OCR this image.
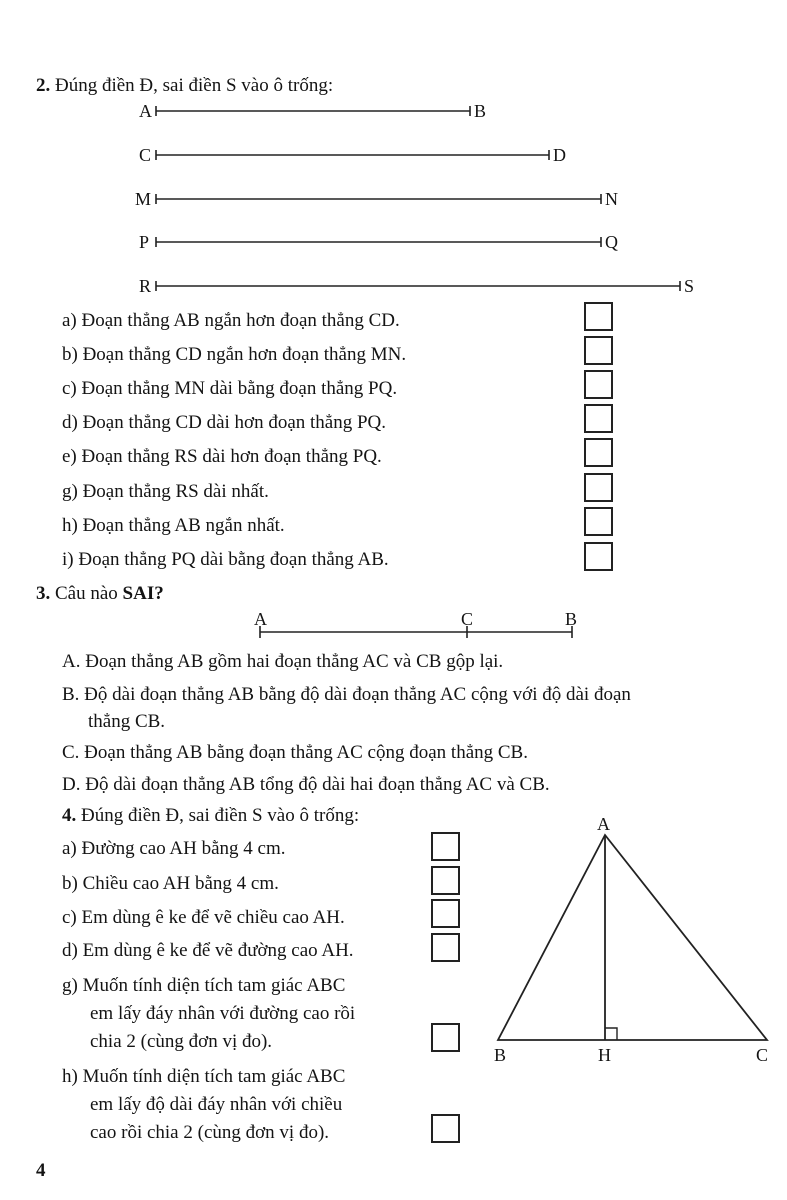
2. Đúng điền Đ, sai điền S vào ô trống:
A	B
C	D
M	N
P	Q
R	S
a) Đoạn thẳng AB ngắn hơn đoạn thẳng CD.
b) Đoạn thẳng CD ngắn hơn đoạn thẳng MN.
c) Đoạn thẳng MN dài bằng đoạn thẳng PQ.
d) Đoạn thẳng CD dài hơn đoạn thẳng PQ.
e) Đoạn thẳng RS dài hơn đoạn thẳng PQ.
g) Đoạn thẳng RS dài nhất.
h) Đoạn thẳng AB ngắn nhất.
i) Đoạn thẳng PQ dài bằng đoạn thẳng AB.
3. Câu nào SAI?
A	C	B
A. Đoạn thẳng AB gồm hai đoạn thẳng AC và CB gộp lại.
B. Độ dài đoạn thẳng AB bằng độ dài đoạn thẳng AC cộng với độ dài đoạn
thẳng CB.
C. Đoạn thẳng AB bằng đoạn thẳng AC cộng đoạn thẳng CB.
D. Độ dài đoạn thẳng AB tổng độ dài hai đoạn thẳng AC và CB.
4. Đúng điền Đ, sai điền S vào ô trống:
a) Đường cao AH bằng 4 cm.
b) Chiều cao AH bằng 4 cm.
c) Em dùng ê ke để vẽ chiều cao AH.
d) Em dùng ê ke để vẽ đường cao AH.
g) Muốn tính diện tích tam giác ABC
em lấy đáy nhân với đường cao rồi
chia 2 (cùng đơn vị đo).
h) Muốn tính diện tích tam giác ABC
em lấy độ dài đáy nhân với chiều
cao rồi chia 2 (cùng đơn vị đo).
A
B	H	C
4
